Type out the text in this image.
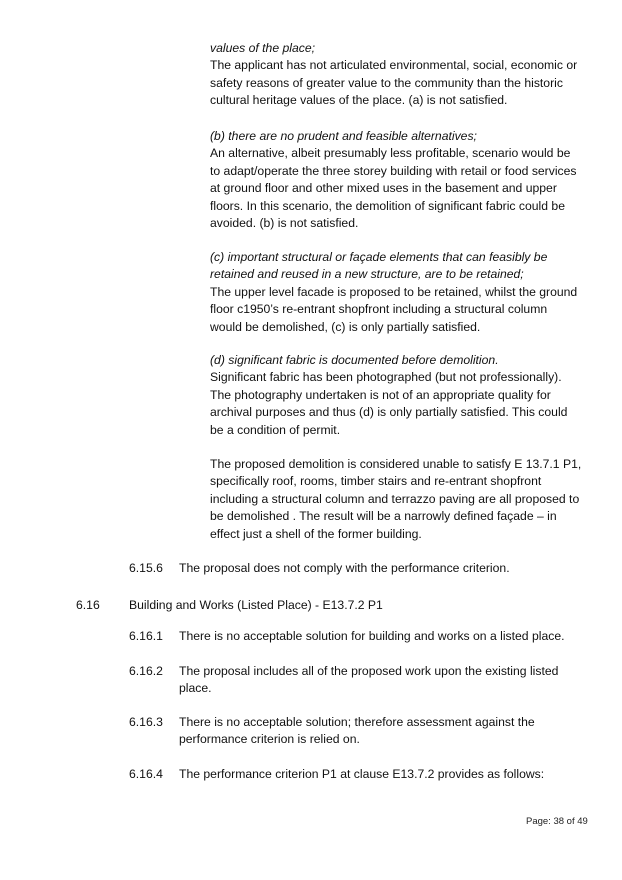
values of the place;
The applicant has not articulated environmental, social, economic or safety reasons of greater value to the community than the historic cultural heritage values of the place. (a) is not satisfied.
(b) there are no prudent and feasible alternatives;
An alternative, albeit presumably less profitable, scenario would be to adapt/operate the three storey building with retail or food services at ground floor and other mixed uses in the basement and upper floors. In this scenario, the demolition of significant fabric could be avoided. (b) is not satisfied.
(c) important structural or façade elements that can feasibly be retained and reused in a new structure, are to be retained;
The upper level facade is proposed to be retained, whilst the ground floor c1950’s re-entrant shopfront including a structural column would be demolished, (c) is only partially satisfied.
(d) significant fabric is documented before demolition.
Significant fabric has been photographed (but not professionally). The photography undertaken is not of an appropriate quality for archival purposes and thus (d) is only partially satisfied. This could be a condition of permit.
The proposed demolition is considered unable to satisfy E 13.7.1 P1, specifically roof, rooms, timber stairs and re-entrant shopfront including a structural column and terrazzo paving are all proposed to be demolished . The result will be a narrowly defined façade – in effect just a shell of the former building.
6.15.6 The proposal does not comply with the performance criterion.
6.16 Building and Works (Listed Place) - E13.7.2 P1
6.16.1 There is no acceptable solution for building and works on a listed place.
6.16.2 The proposal includes all of the proposed work upon the existing listed place.
6.16.3 There is no acceptable solution; therefore assessment against the performance criterion is relied on.
6.16.4 The performance criterion P1 at clause E13.7.2 provides as follows:
Page: 38 of 49
